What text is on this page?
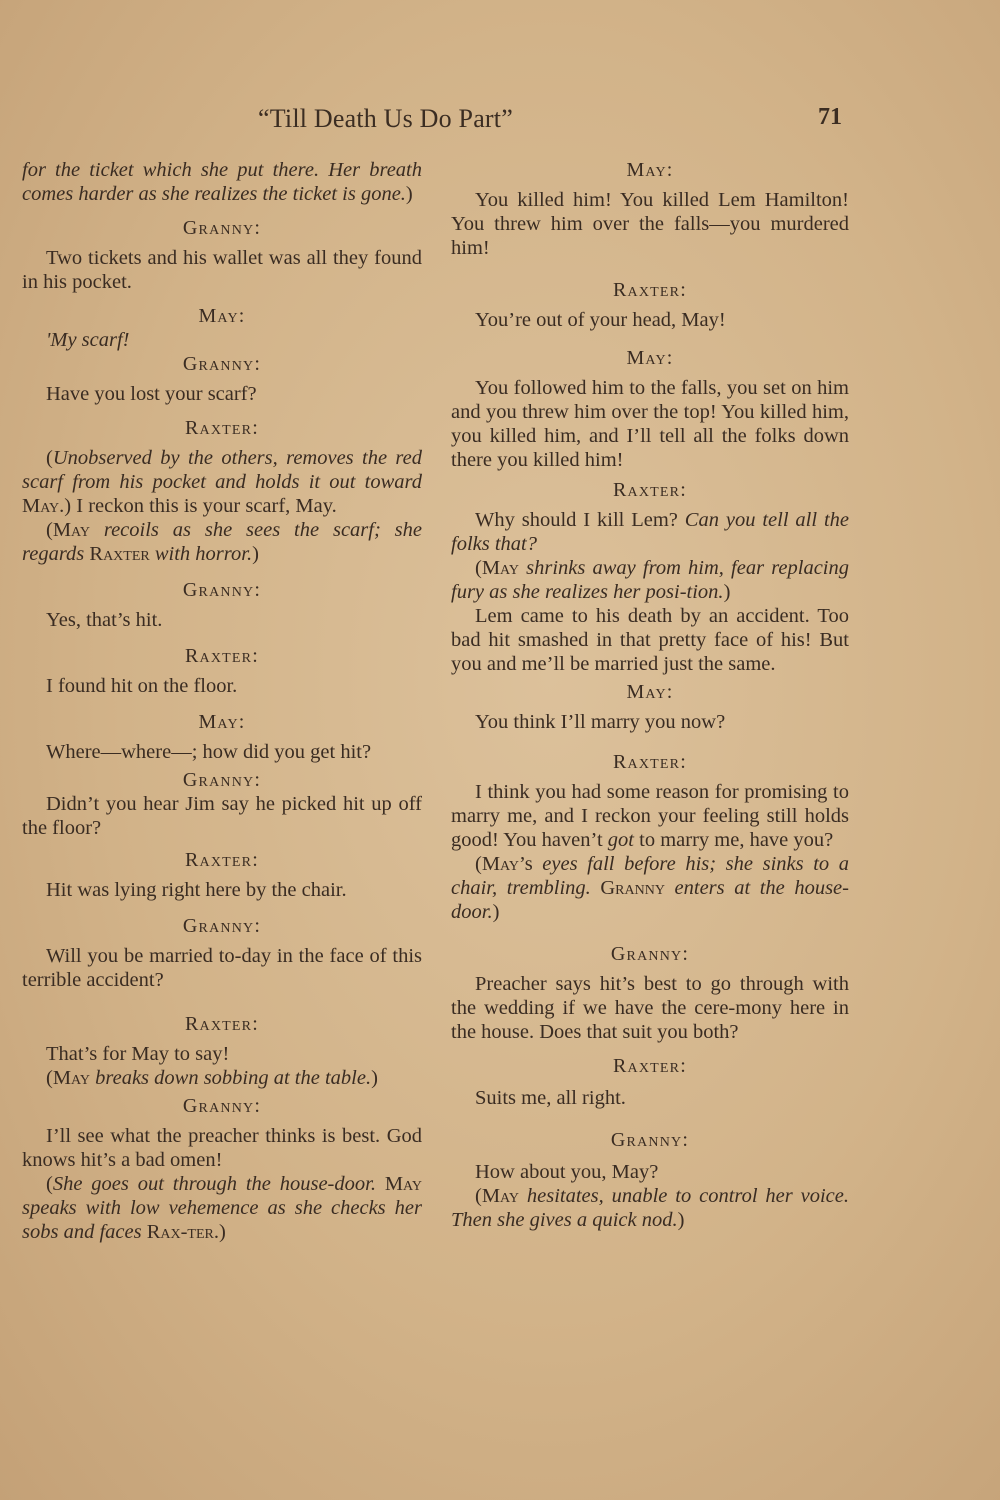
“Till Death Us Do Part”	71

for the ticket which she put there. Her breath comes harder as she realizes the ticket is gone.)

Granny:

Two tickets and his wallet was all they found in his pocket.

May:

'My scarf!

Granny:

Have you lost your scarf?

Raxter:

(Unobserved by the others, removes the red scarf from his pocket and holds it out toward May.) I reckon this is your scarf, May.

(May recoils as she sees the scarf; she regards Raxter with horror.)

Granny:

Yes, that’s hit.

Raxter:

I found hit on the floor.

May:

Where—where—; how did you get hit?

Granny:

Didn’t you hear Jim say he picked hit up off the floor?

Raxter:

Hit was lying right here by the chair.

Granny:

Will you be married to-day in the face of this terrible accident?

Raxter:

That’s for May to say!

(May breaks down sobbing at the table.)

Granny:

I’ll see what the preacher thinks is best. God knows hit’s a bad omen!

(She goes out through the house-door. May speaks with low vehemence as she checks her sobs and faces Rax-ter.)

May:

You killed him! You killed Lem Hamilton! You threw him over the falls—you murdered him!

Raxter:

You’re out of your head, May!

May:

You followed him to the falls, you set on him and you threw him over the top! You killed him, you killed him, and I’ll tell all the folks down there you killed him!

Raxter:

Why should I kill Lem? Can you tell all the folks that?

(May shrinks away from him, fear replacing fury as she realizes her posi-tion.)

Lem came to his death by an accident. Too bad hit smashed in that pretty face of his! But you and me’ll be married just the same.

May:

You think I’ll marry you now?

Raxter:

I think you had some reason for promising to marry me, and I reckon your feeling still holds good! You haven’t got to marry me, have you?

(May’s eyes fall before his; she sinks to a chair, trembling. Granny enters at the house-door.)

Granny:

Preacher says hit’s best to go through with the wedding if we have the cere-mony here in the house. Does that suit you both?

Raxter:

Suits me, all right.

Granny:

How about you, May?

(May hesitates, unable to control her voice. Then she gives a quick nod.)
